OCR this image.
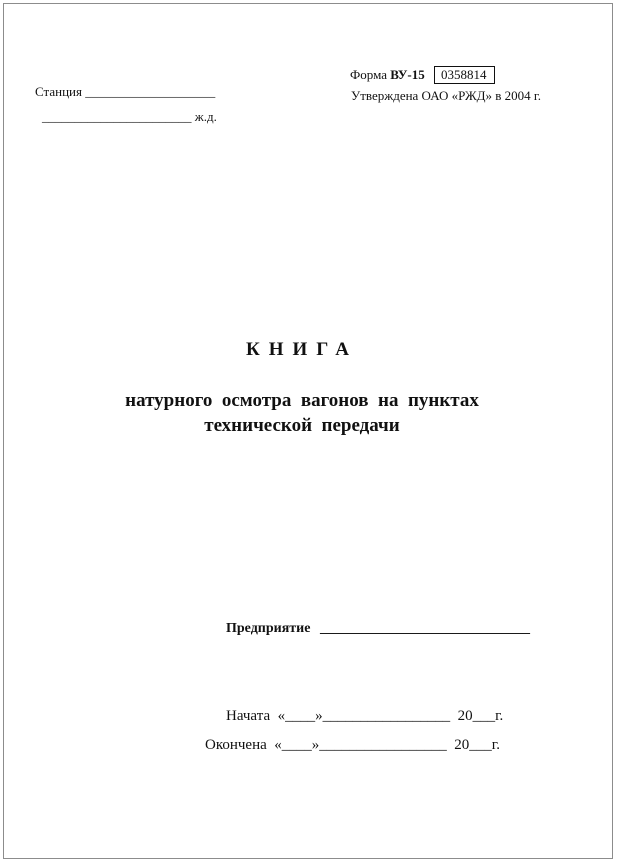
Станция ____________________
_______________________ ж.д.
Форма ВУ-15 0358814
Утверждена ОАО «РЖД» в 2004 г.
КНИГА
натурного  осмотра  вагонов  на  пунктах
технической  передачи
Предприятие ______________________________
Начата  «____»_________________  20___г.
Окончена  «____»_________________  20___г.
